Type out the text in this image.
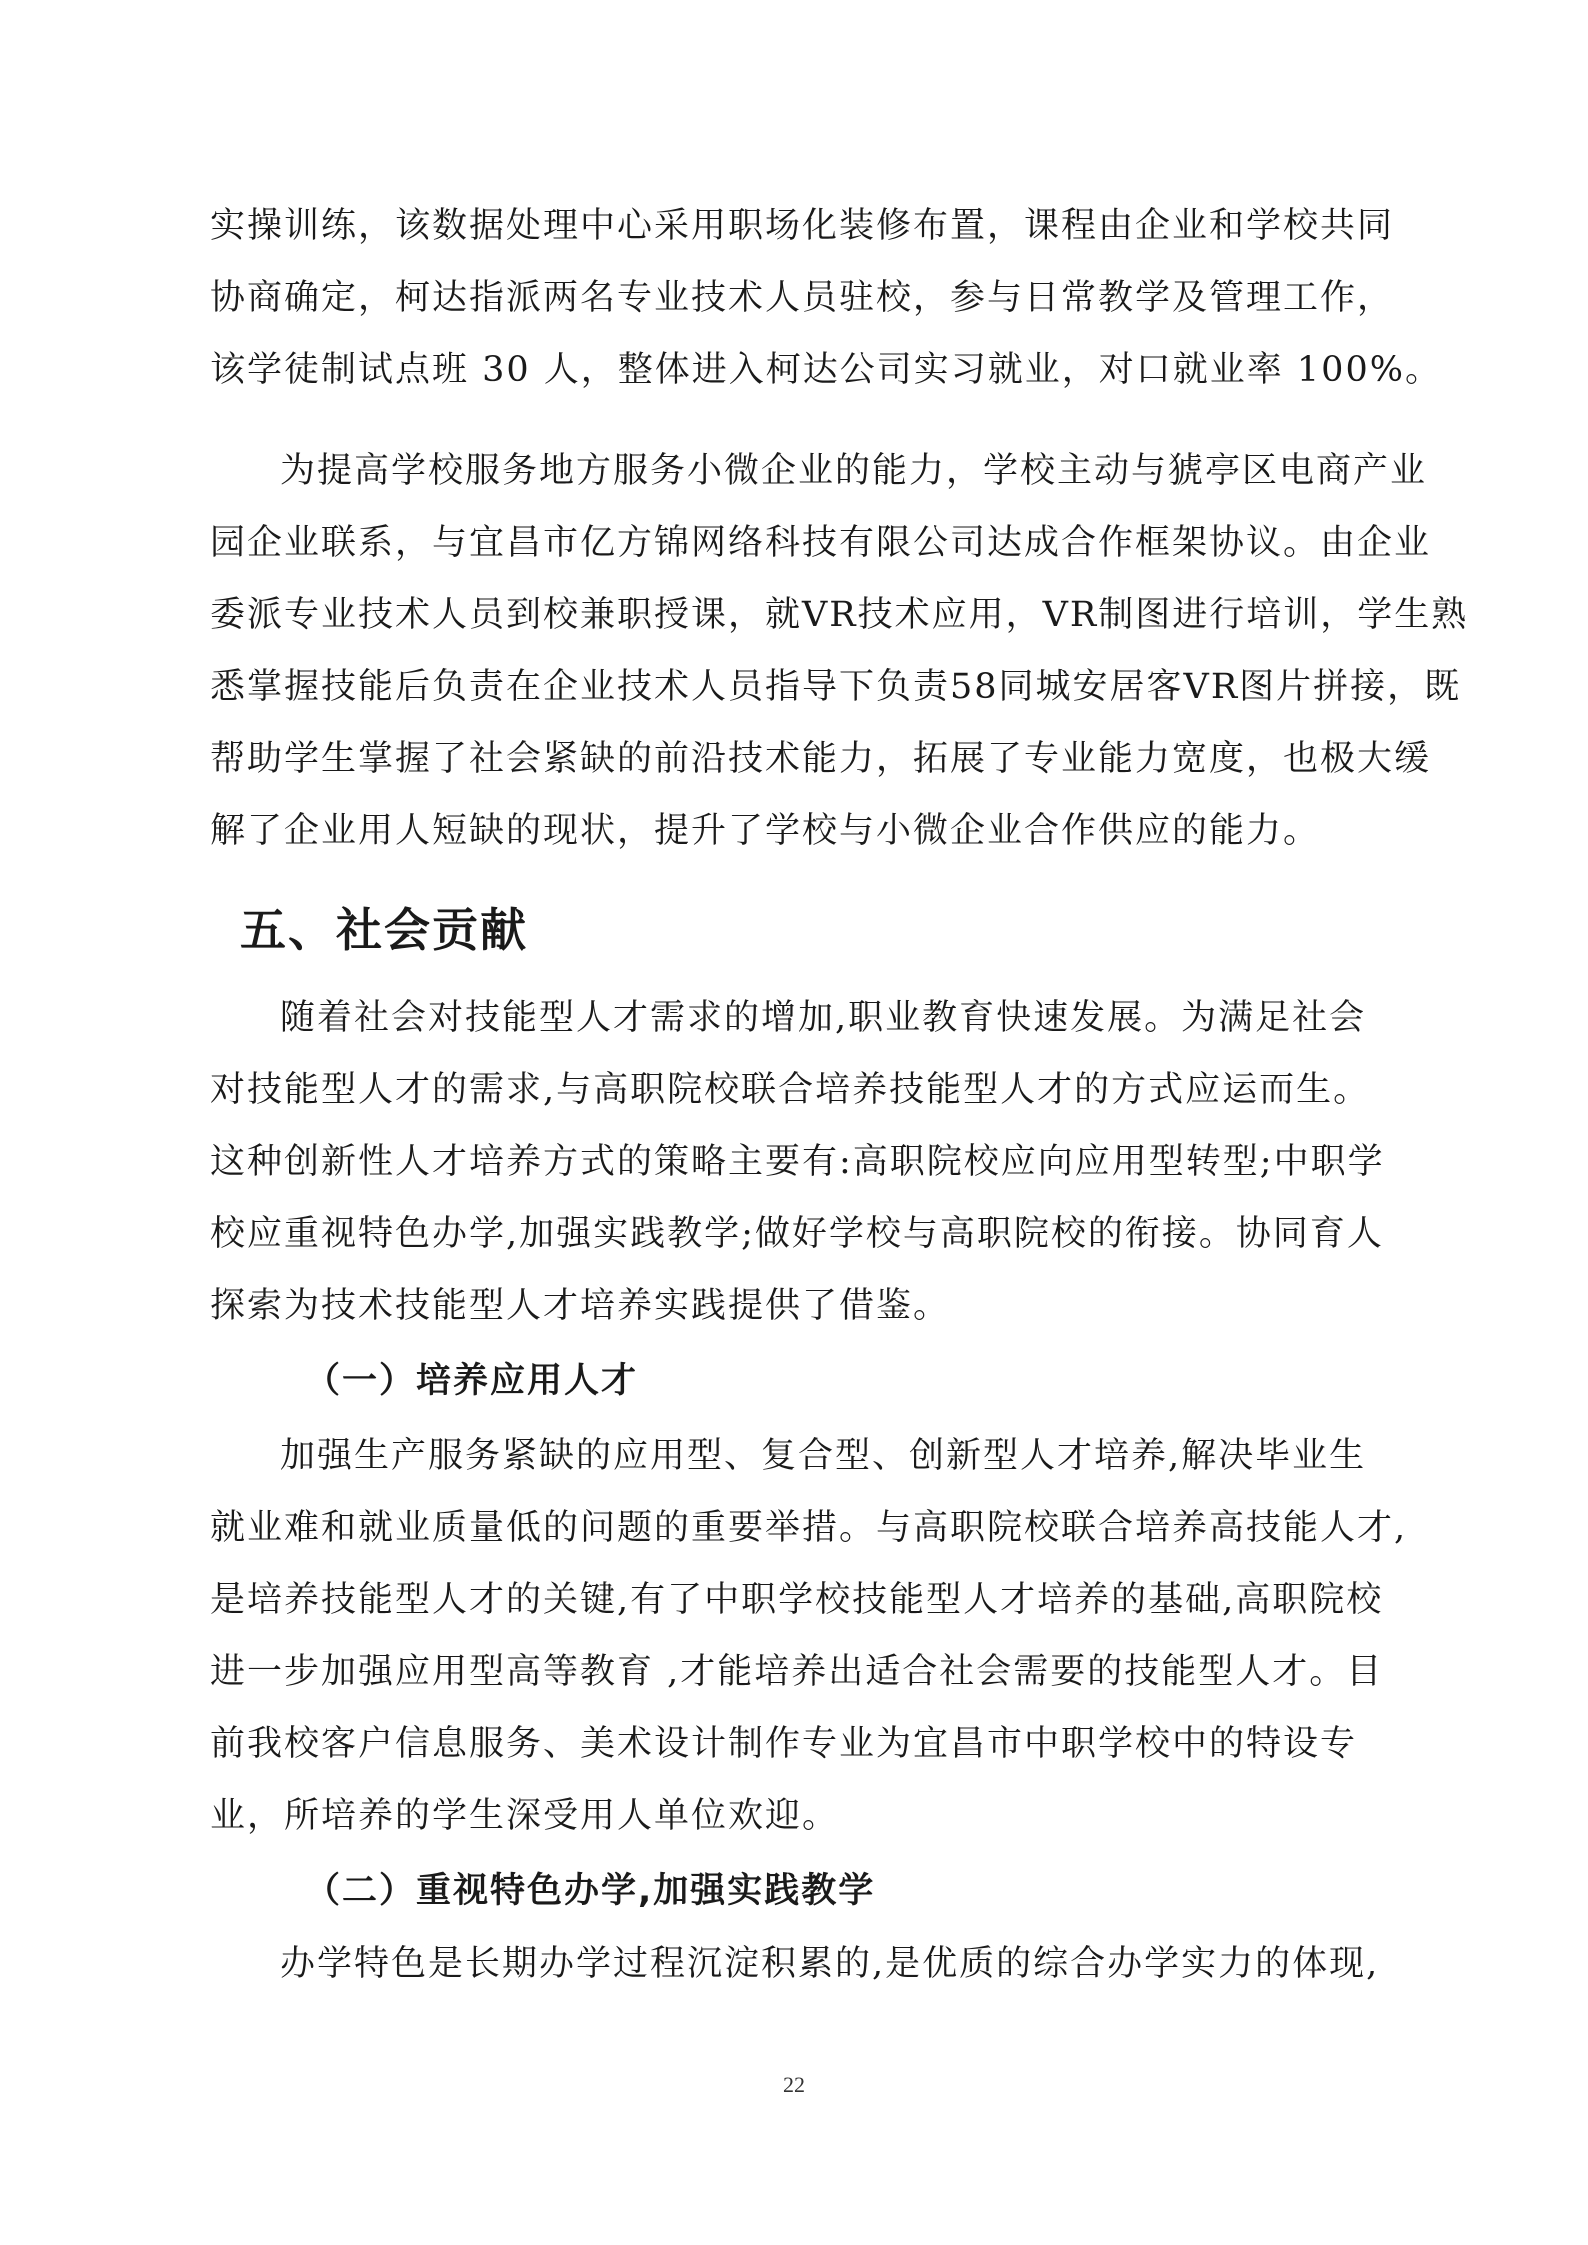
实操训练，该数据处理中心采用职场化装修布置，课程由企业和学校共同
协商确定，柯达指派两名专业技术人员驻校，参与日常教学及管理工作，
该学徒制试点班 30 人，整体进入柯达公司实习就业，对口就业率 100%。
为提高学校服务地方服务小微企业的能力，学校主动与猇亭区电商产业
园企业联系，与宜昌市亿方锦网络科技有限公司达成合作框架协议。由企业
委派专业技术人员到校兼职授课，就VR技术应用，VR制图进行培训，学生熟
悉掌握技能后负责在企业技术人员指导下负责58同城安居客VR图片拼接，既
帮助学生掌握了社会紧缺的前沿技术能力，拓展了专业能力宽度，也极大缓
解了企业用人短缺的现状，提升了学校与小微企业合作供应的能力。
五、社会贡献
随着社会对技能型人才需求的增加,职业教育快速发展。为满足社会
对技能型人才的需求,与高职院校联合培养技能型人才的方式应运而生。
这种创新性人才培养方式的策略主要有:高职院校应向应用型转型;中职学
校应重视特色办学,加强实践教学;做好学校与高职院校的衔接。协同育人
探索为技术技能型人才培养实践提供了借鉴。
（一）培养应用人才
加强生产服务紧缺的应用型、复合型、创新型人才培养,解决毕业生
就业难和就业质量低的问题的重要举措。与高职院校联合培养高技能人才,
是培养技能型人才的关键,有了中职学校技能型人才培养的基础,高职院校
进一步加强应用型高等教育 ,才能培养出适合社会需要的技能型人才。目
前我校客户信息服务、美术设计制作专业为宜昌市中职学校中的特设专
业，所培养的学生深受用人单位欢迎。
（二）重视特色办学,加强实践教学
办学特色是长期办学过程沉淀积累的,是优质的综合办学实力的体现,
22
